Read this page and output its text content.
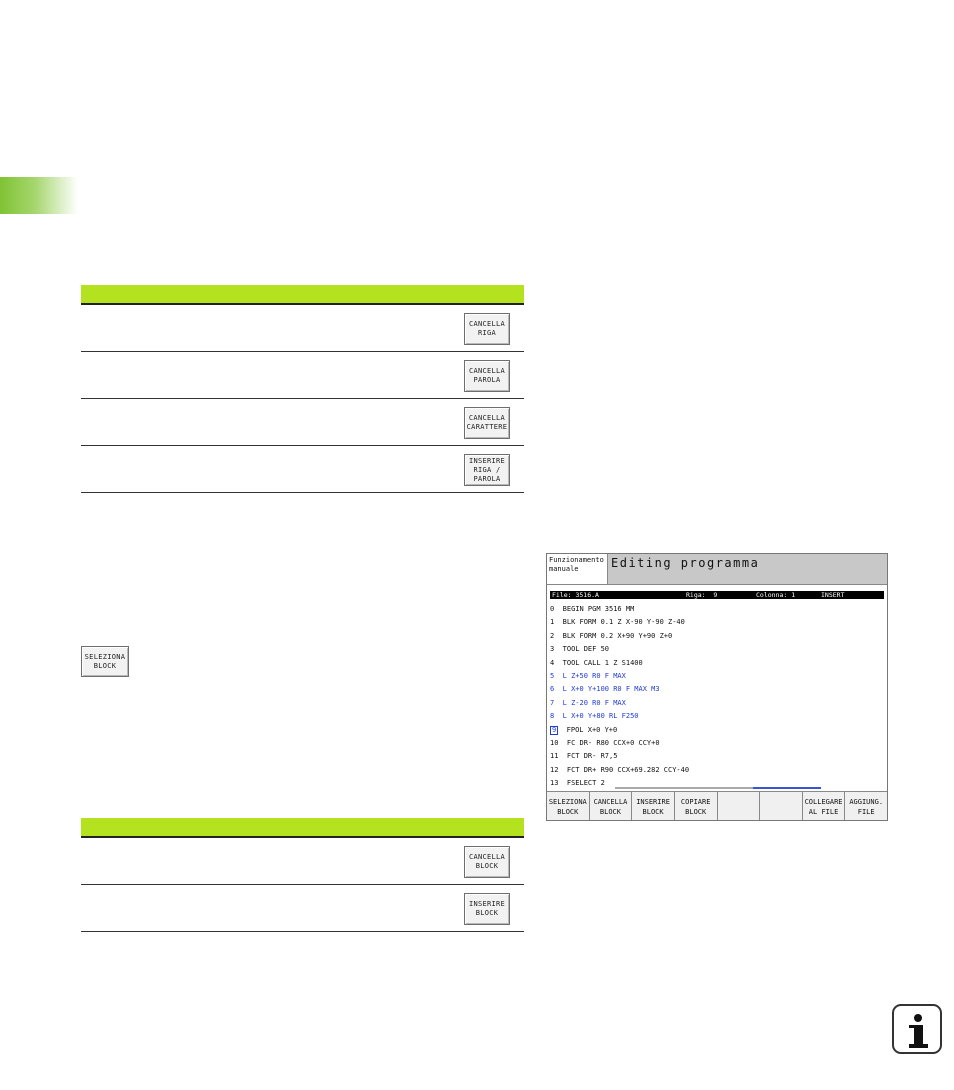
CANCELLA
RIGA
CANCELLA
PAROLA
CANCELLA
CARATTERE
INSERIRE
RIGA /
PAROLA
SELEZIONA
BLOCK
CANCELLA
BLOCK
INSERIRE
BLOCK
Funzionamento
manuale	Editing programma

File: 3516.A

	Riga:  9

	Colonna: 1

	INSERT

0  BEGIN PGM 3516 MM
1  BLK FORM 0.1 Z X-90 Y-90 Z-40
2  BLK FORM 0.2 X+90 Y+90 Z+0
3  TOOL DEF 50
4  TOOL CALL 1 Z S1400
5  L Z+50 R0 F MAX
6  L X+0 Y+100 R0 F MAX M3
7  L Z-20 R0 F MAX
8  L X+0 Y+80 RL F250
9 FPOL X+0 Y+0
10  FC DR- R80 CCX+0 CCY+0
11  FCT DR- R7,5
12  FCT DR+ R90 CCX+69.282 CCY-40
13  FSELECT 2
SELEZIONA
BLOCK
CANCELLA
BLOCK
INSERIRE
BLOCK
COPIARE
BLOCK
COLLEGARE
AL FILE
AGGIUNG.
FILE
